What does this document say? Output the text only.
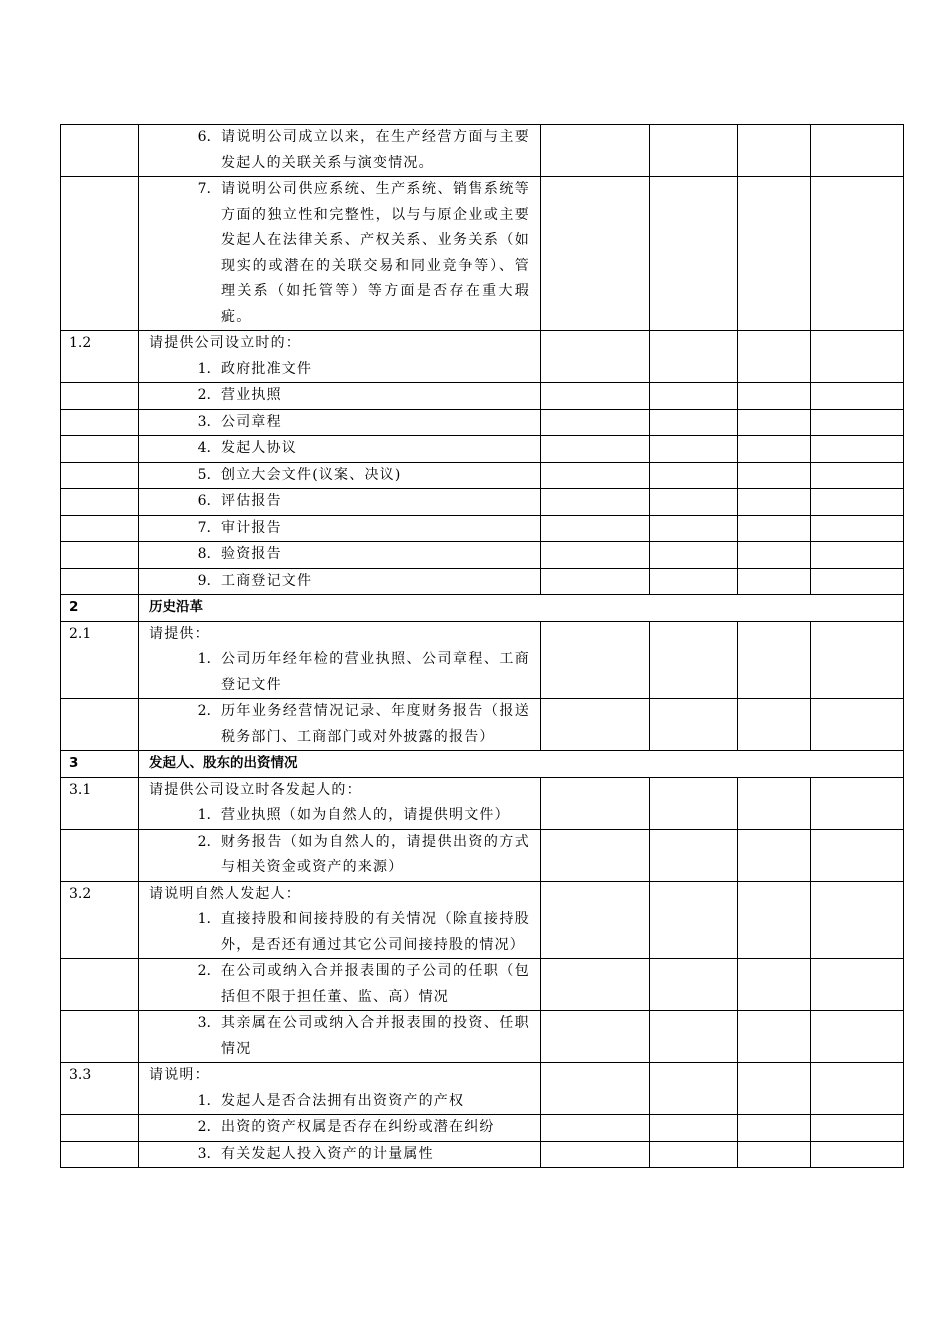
	6. 请说明公司成立以来，在生产经营方面与主要发起人的关联关系与演变情况。				

	7. 请说明公司供应系统、生产系统、销售系统等方面的独立性和完整性，以与与原企业或主要发起人在法律关系、产权关系、业务关系（如现实的或潜在的关联交易和同业竞争等）、管理关系（如托管等）等方面是否存在重大瑕疵。				

1.2	请提供公司设立时的：
1. 政府批准文件				

	2. 营业执照				

	3. 公司章程				

	4. 发起人协议				

	5. 创立大会文件(议案、决议)				

	6. 评估报告				

	7. 审计报告				

	8. 验资报告				

	9. 工商登记文件				

2	历史沿革				
2.1	请提供：
1. 公司历年经年检的营业执照、公司章程、工商登记文件				

	2. 历年业务经营情况记录、年度财务报告（报送税务部门、工商部门或对外披露的报告）				

3	发起人、股东的出资情况				
3.1	请提供公司设立时各发起人的：
1. 营业执照（如为自然人的，请提供明文件）				

	2. 财务报告（如为自然人的，请提供出资的方式与相关资金或资产的来源）				

3.2	请说明自然人发起人：
1. 直接持股和间接持股的有关情况（除直接持股外，是否还有通过其它公司间接持股的情况）				

	2. 在公司或纳入合并报表围的子公司的任职（包括但不限于担任董、监、高）情况				

	3. 其亲属在公司或纳入合并报表围的投资、任职情况				

3.3	请说明：
1. 发起人是否合法拥有出资资产的产权				

	2. 出资的资产权属是否存在纠纷或潜在纠纷				

	3. 有关发起人投入资产的计量属性				
